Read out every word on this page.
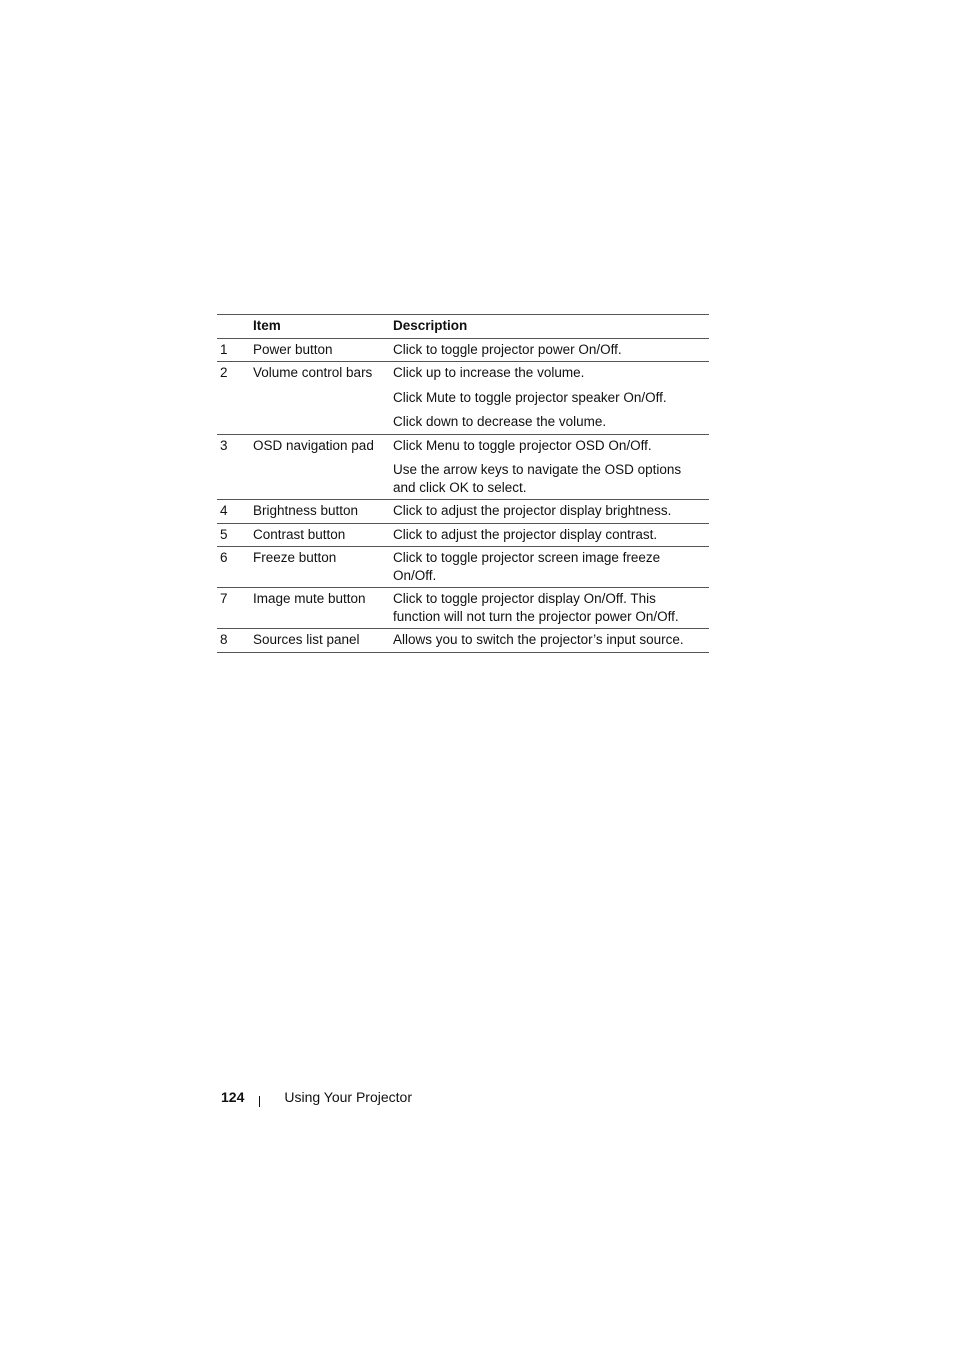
	Item	Description
1	Power button	Click to toggle projector power On/Off.

2	Volume control bars	Click up to increase the volume.
Click Mute to toggle projector speaker On/Off.
Click down to decrease the volume.

3	OSD navigation pad	Click Menu to toggle projector OSD On/Off.
Use the arrow keys to navigate the OSD options and click OK to select.

4	Brightness button	Click to adjust the projector display brightness.

5	Contrast button	Click to adjust the projector display contrast.

6	Freeze button	Click to toggle projector screen image freeze On/Off.

7	Image mute button	Click to toggle projector display On/Off. This function will not turn the projector power On/Off.

8	Sources list panel	Allows you to switch the projector’s input source.
124	Using Your Projector
